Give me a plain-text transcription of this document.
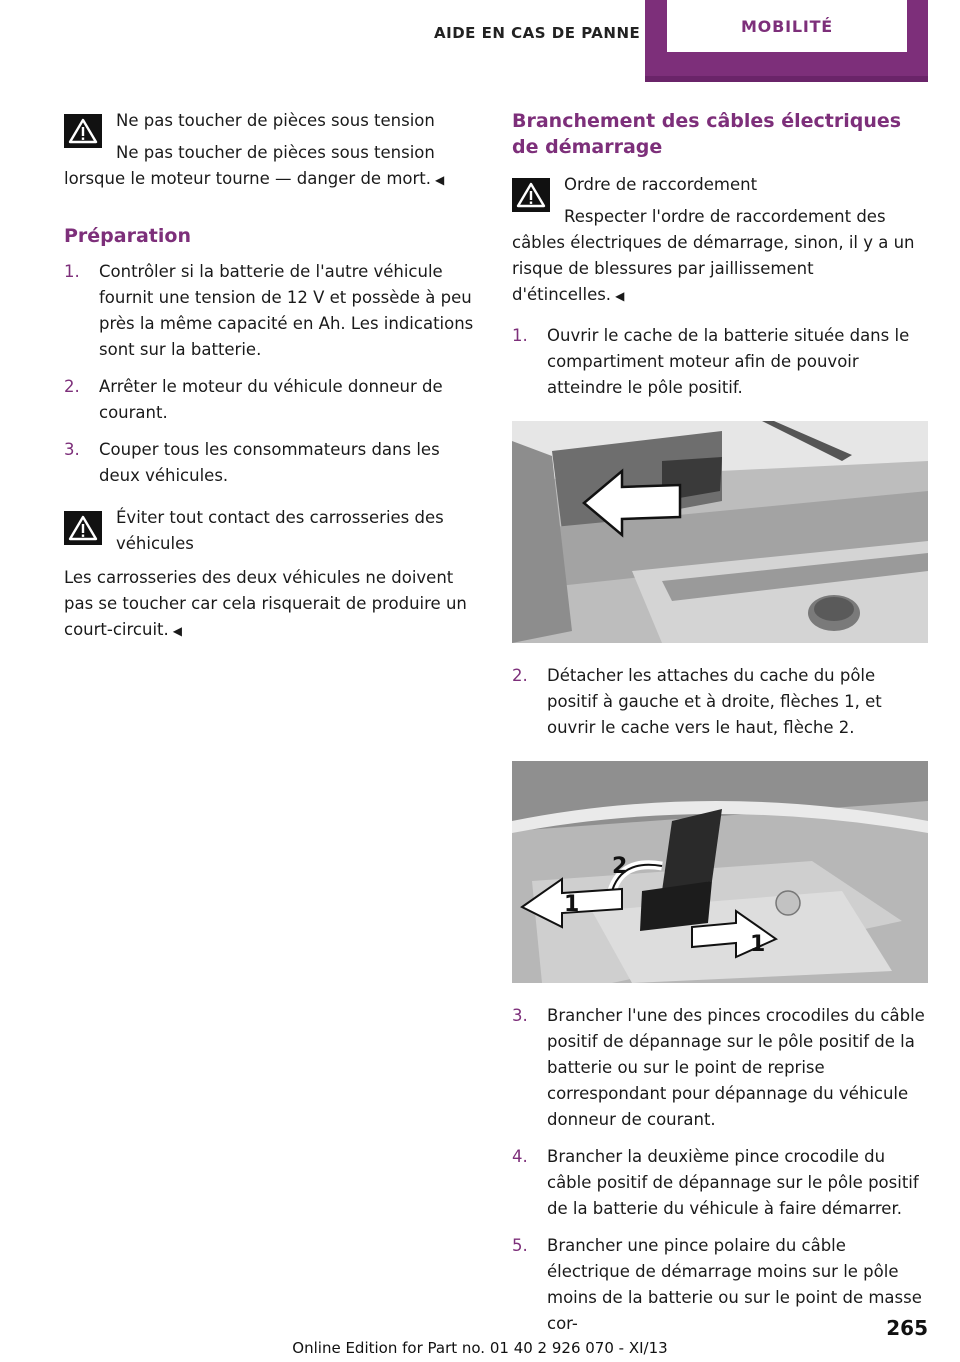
AIDE EN CAS DE PANNE	MOBILITÉ

Ne pas toucher de pièces sous tension

Ne pas toucher de pièces sous tension lorsque le moteur tourne — danger de mort. ◀

Préparation

1. Contrôler si la batterie de l'autre véhicule fournit une tension de 12 V et possède à peu près la même capacité en Ah. Les indications sont sur la batterie.
2. Arrêter le moteur du véhicule donneur de courant.
3. Couper tous les consommateurs dans les deux véhicules.

Éviter tout contact des carrosseries des véhicules

Les carrosseries des deux véhicules ne doivent pas se toucher car cela risquerait de produire un court-circuit. ◀

Branchement des câbles électriques de démarrage

Ordre de raccordement

Respecter l'ordre de raccordement des câbles électriques de démarrage, sinon, il y a un risque de blessures par jaillissement d'étincelles. ◀

1. Ouvrir le cache de la batterie située dans le compartiment moteur afin de pouvoir atteindre le pôle positif.
2. Détacher les attaches du cache du pôle positif à gauche et à droite, flèches 1, et ouvrir le cache vers le haut, flèche 2.
1
2
1
3. Brancher l'une des pinces crocodiles du câble positif de dépannage sur le pôle positif de la batterie ou sur le point de reprise correspondant pour dépannage du véhicule donneur de courant.
4. Brancher la deuxième pince crocodile du câble positif de dépannage sur le pôle positif de la batterie du véhicule à faire démarrer.
5. Brancher une pince polaire du câble électrique de démarrage moins sur le pôle moins de la batterie ou sur le point de masse cor-	265
Online Edition for Part no. 01 40 2 926 070 - XI/13
